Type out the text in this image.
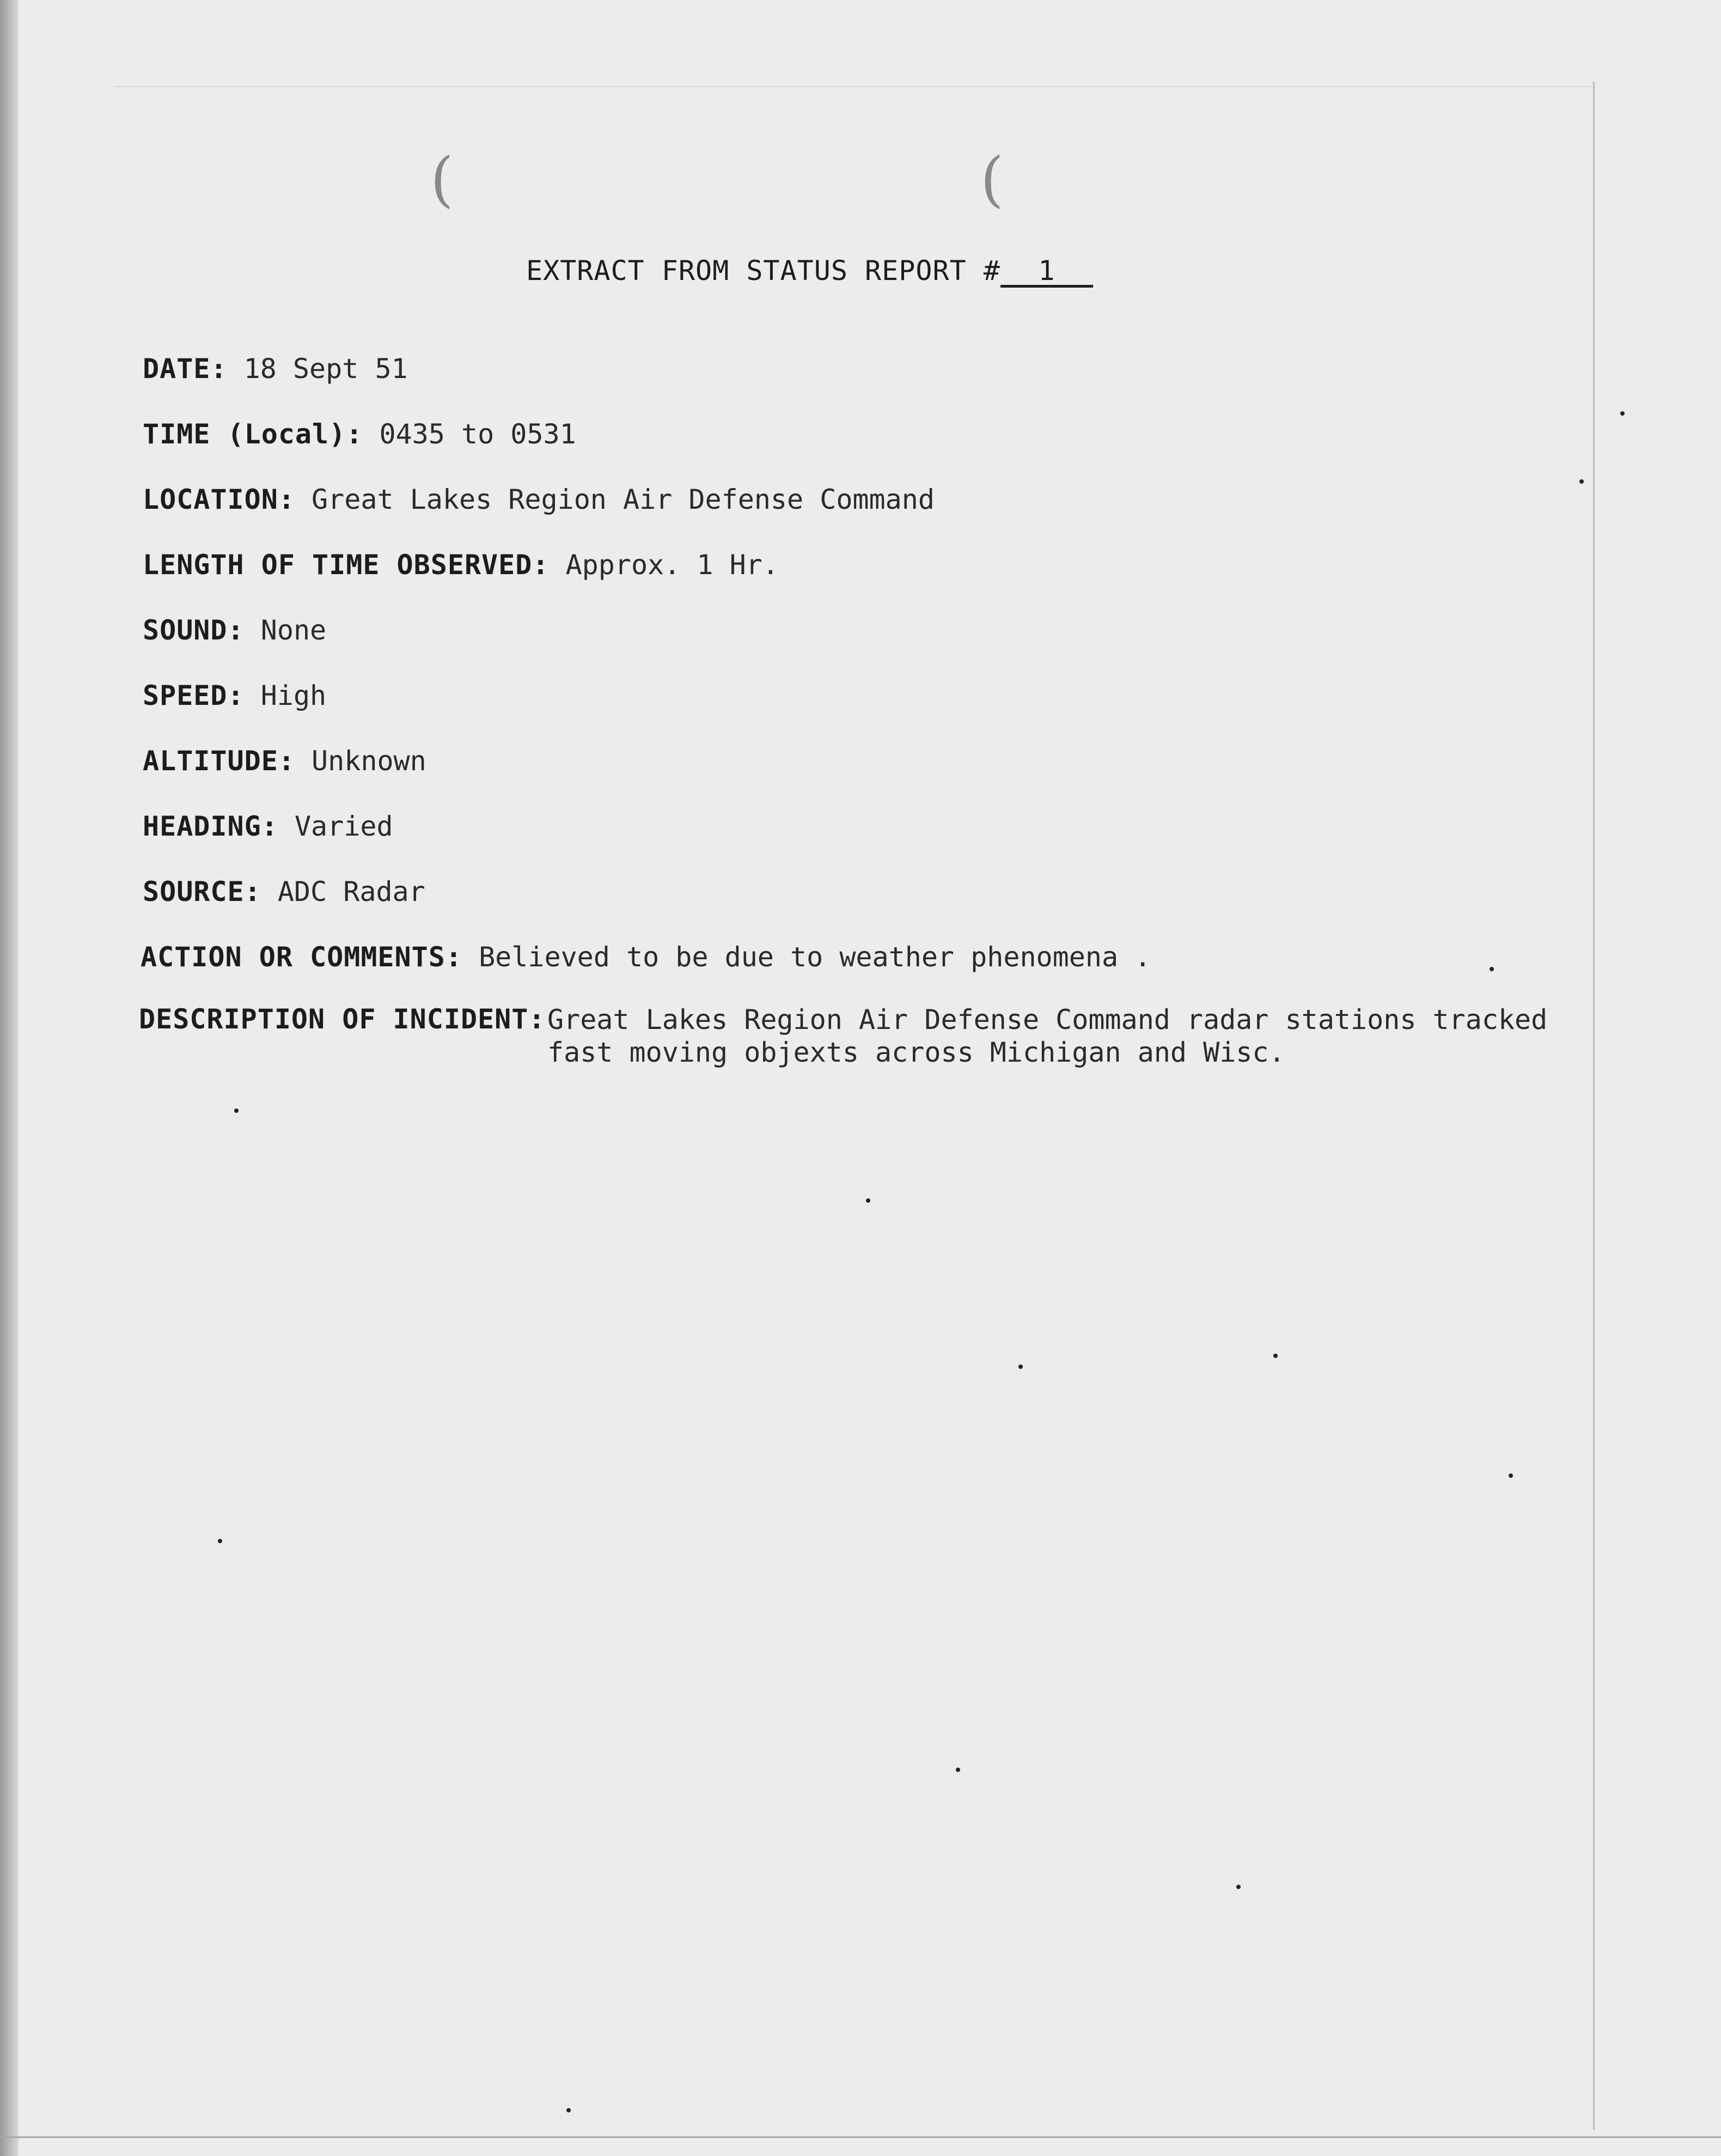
(	(
EXTRACT FROM STATUS REPORT # 1
DATE: 18 Sept 51
TIME (Local): 0435 to 0531
LOCATION: Great Lakes Region Air Defense Command
LENGTH OF TIME OBSERVED: Approx. 1 Hr.
SOUND: None
SPEED: High
ALTITUDE: Unknown
HEADING: Varied
SOURCE: ADC Radar
ACTION OR COMMENTS: Believed to be due to weather phenomena .
DESCRIPTION OF INCIDENT: Great Lakes Region Air Defense Command radar stations tracked fast moving objexts across Michigan and Wisc.
